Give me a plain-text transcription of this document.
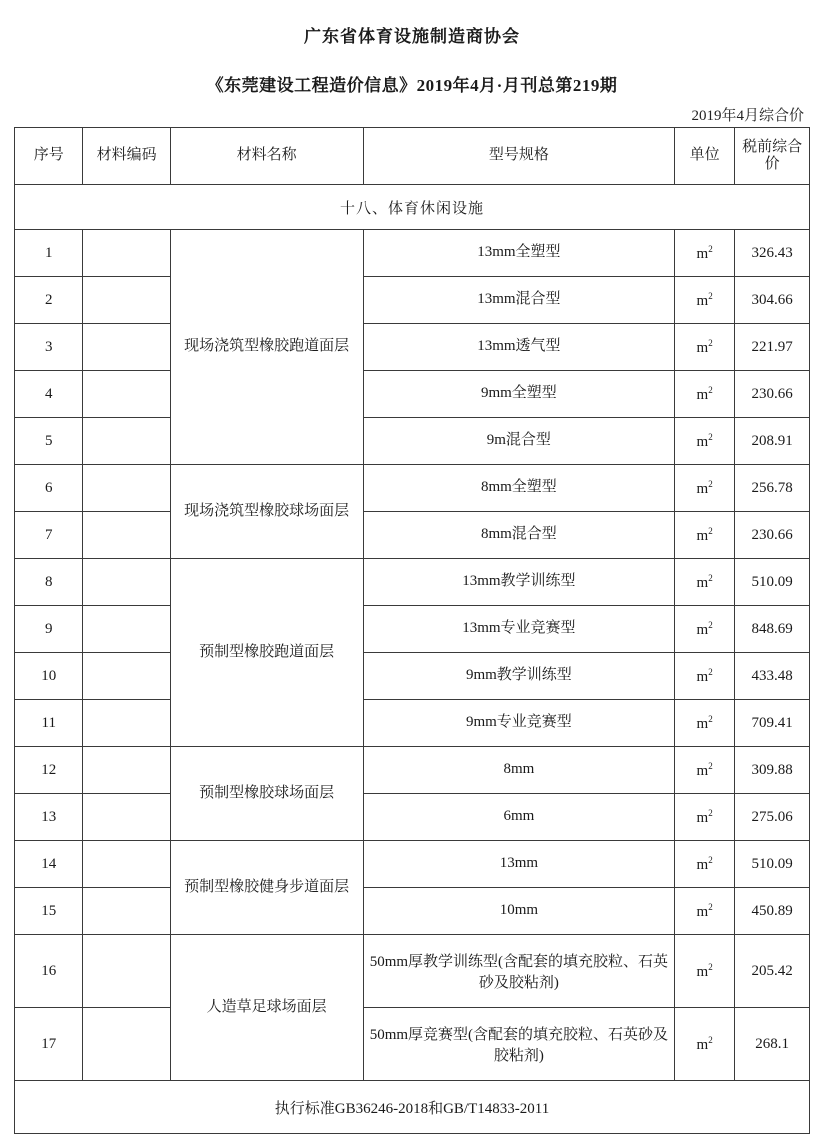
广东省体育设施制造商协会
《东莞建设工程造价信息》2019年4月·月刊总第219期
2019年4月综合价
序号	材料编码	材料名称	型号规格	单位	税前综合价
十八、体育休闲设施					
1		现场浇筑型橡胶跑道面层	13mm全塑型	$m^2$	326.43
2			13mm混合型	$m^2$	304.66
3			13mm透气型	$m^2$	221.97
4			9mm全塑型	$m^2$	230.66
5			9m混合型	$m^2$	208.91
6		现场浇筑型橡胶球场面层	8mm全塑型	$m^2$	256.78
7			8mm混合型	$m^2$	230.66
8		预制型橡胶跑道面层	13mm教学训练型	$m^2$	510.09
9			13mm专业竞赛型	$m^2$	848.69
10			9mm教学训练型	$m^2$	433.48
11			9mm专业竞赛型	$m^2$	709.41
12		预制型橡胶球场面层	8mm	$m^2$	309.88
13			6mm	$m^2$	275.06
14		预制型橡胶健身步道面层	13mm	$m^2$	510.09
15			10mm	$m^2$	450.89
16		人造草足球场面层	50mm厚教学训练型(含配套的填充胶粒、石英砂及胶粘剂)	$m^2$	205.42
17			50mm厚竞赛型(含配套的填充胶粒、石英砂及胶粘剂)	$m^2$	268.1
执行标准GB36246-2018和GB/T14833-2011					
